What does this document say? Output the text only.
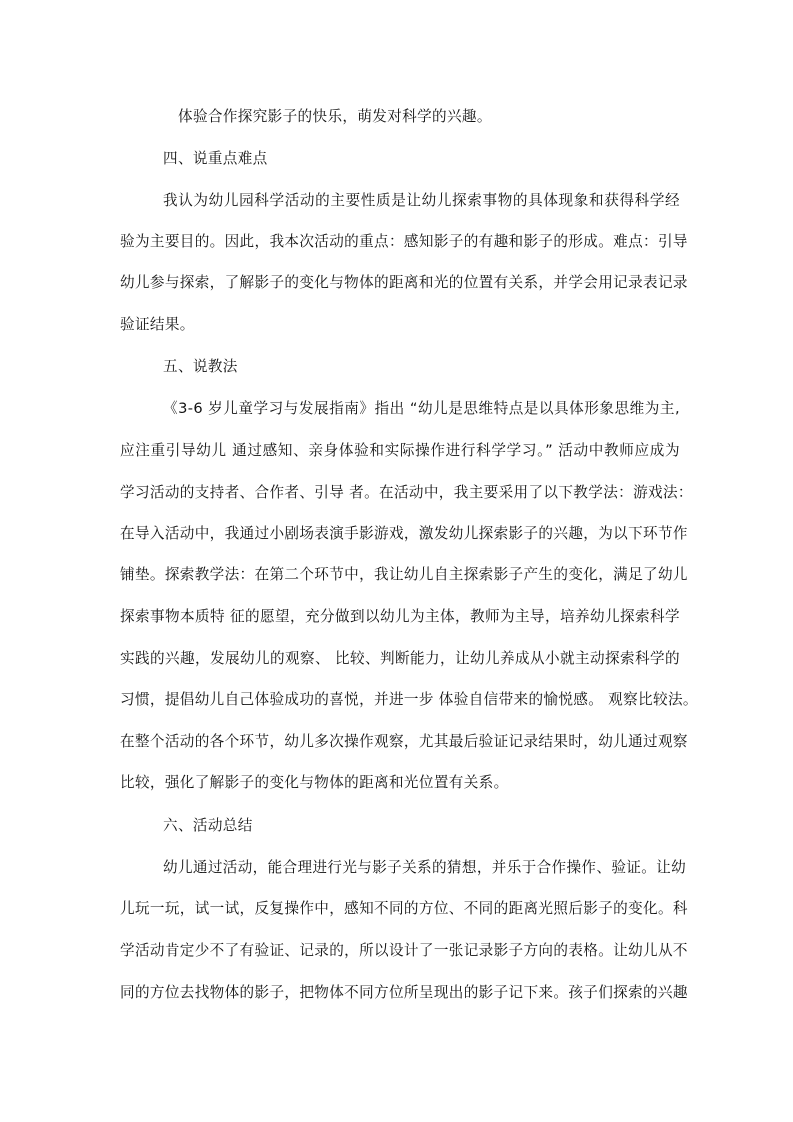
体验合作探究影子的快乐，萌发对科学的兴趣。
四、说重点难点
我认为幼儿园科学活动的主要性质是让幼儿探索事物的具体现象和获得科学经
验为主要目的。因此，我本次活动的重点：感知影子的有趣和影子的形成。难点：引导
幼儿参与探索，了解影子的变化与物体的距离和光的位置有关系，并学会用记录表记录
验证结果。
五、说教法
《3-6 岁儿童学习与发展指南》指出 “幼儿是思维特点是以具体形象思维为主,
应注重引导幼儿 通过感知、亲身体验和实际操作进行科学学习。” 活动中教师应成为
学习活动的支持者、合作者、引导 者。在活动中，我主要采用了以下教学法：游戏法：
在导入活动中，我通过小剧场表演手影游戏，激发幼儿探索影子的兴趣，为以下环节作
铺垫。探索教学法：在第二个环节中，我让幼儿自主探索影子产生的变化，满足了幼儿
探索事物本质特 征的愿望，充分做到以幼儿为主体，教师为主导，培养幼儿探索科学
实践的兴趣，发展幼儿的观察、 比较、判断能力，让幼儿养成从小就主动探索科学的
习惯，提倡幼儿自己体验成功的喜悦，并进一步 体验自信带来的愉悦感。 观察比较法。
在整个活动的各个环节，幼儿多次操作观察，尤其最后验证记录结果时，幼儿通过观察
比较，强化了解影子的变化与物体的距离和光位置有关系。
六、活动总结
幼儿通过活动，能合理进行光与影子关系的猜想，并乐于合作操作、验证。让幼
儿玩一玩，试一试，反复操作中，感知不同的方位、不同的距离光照后影子的变化。科
学活动肯定少不了有验证、记录的，所以设计了一张记录影子方向的表格。让幼儿从不
同的方位去找物体的影子，把物体不同方位所呈现出的影子记下来。孩子们探索的兴趣
